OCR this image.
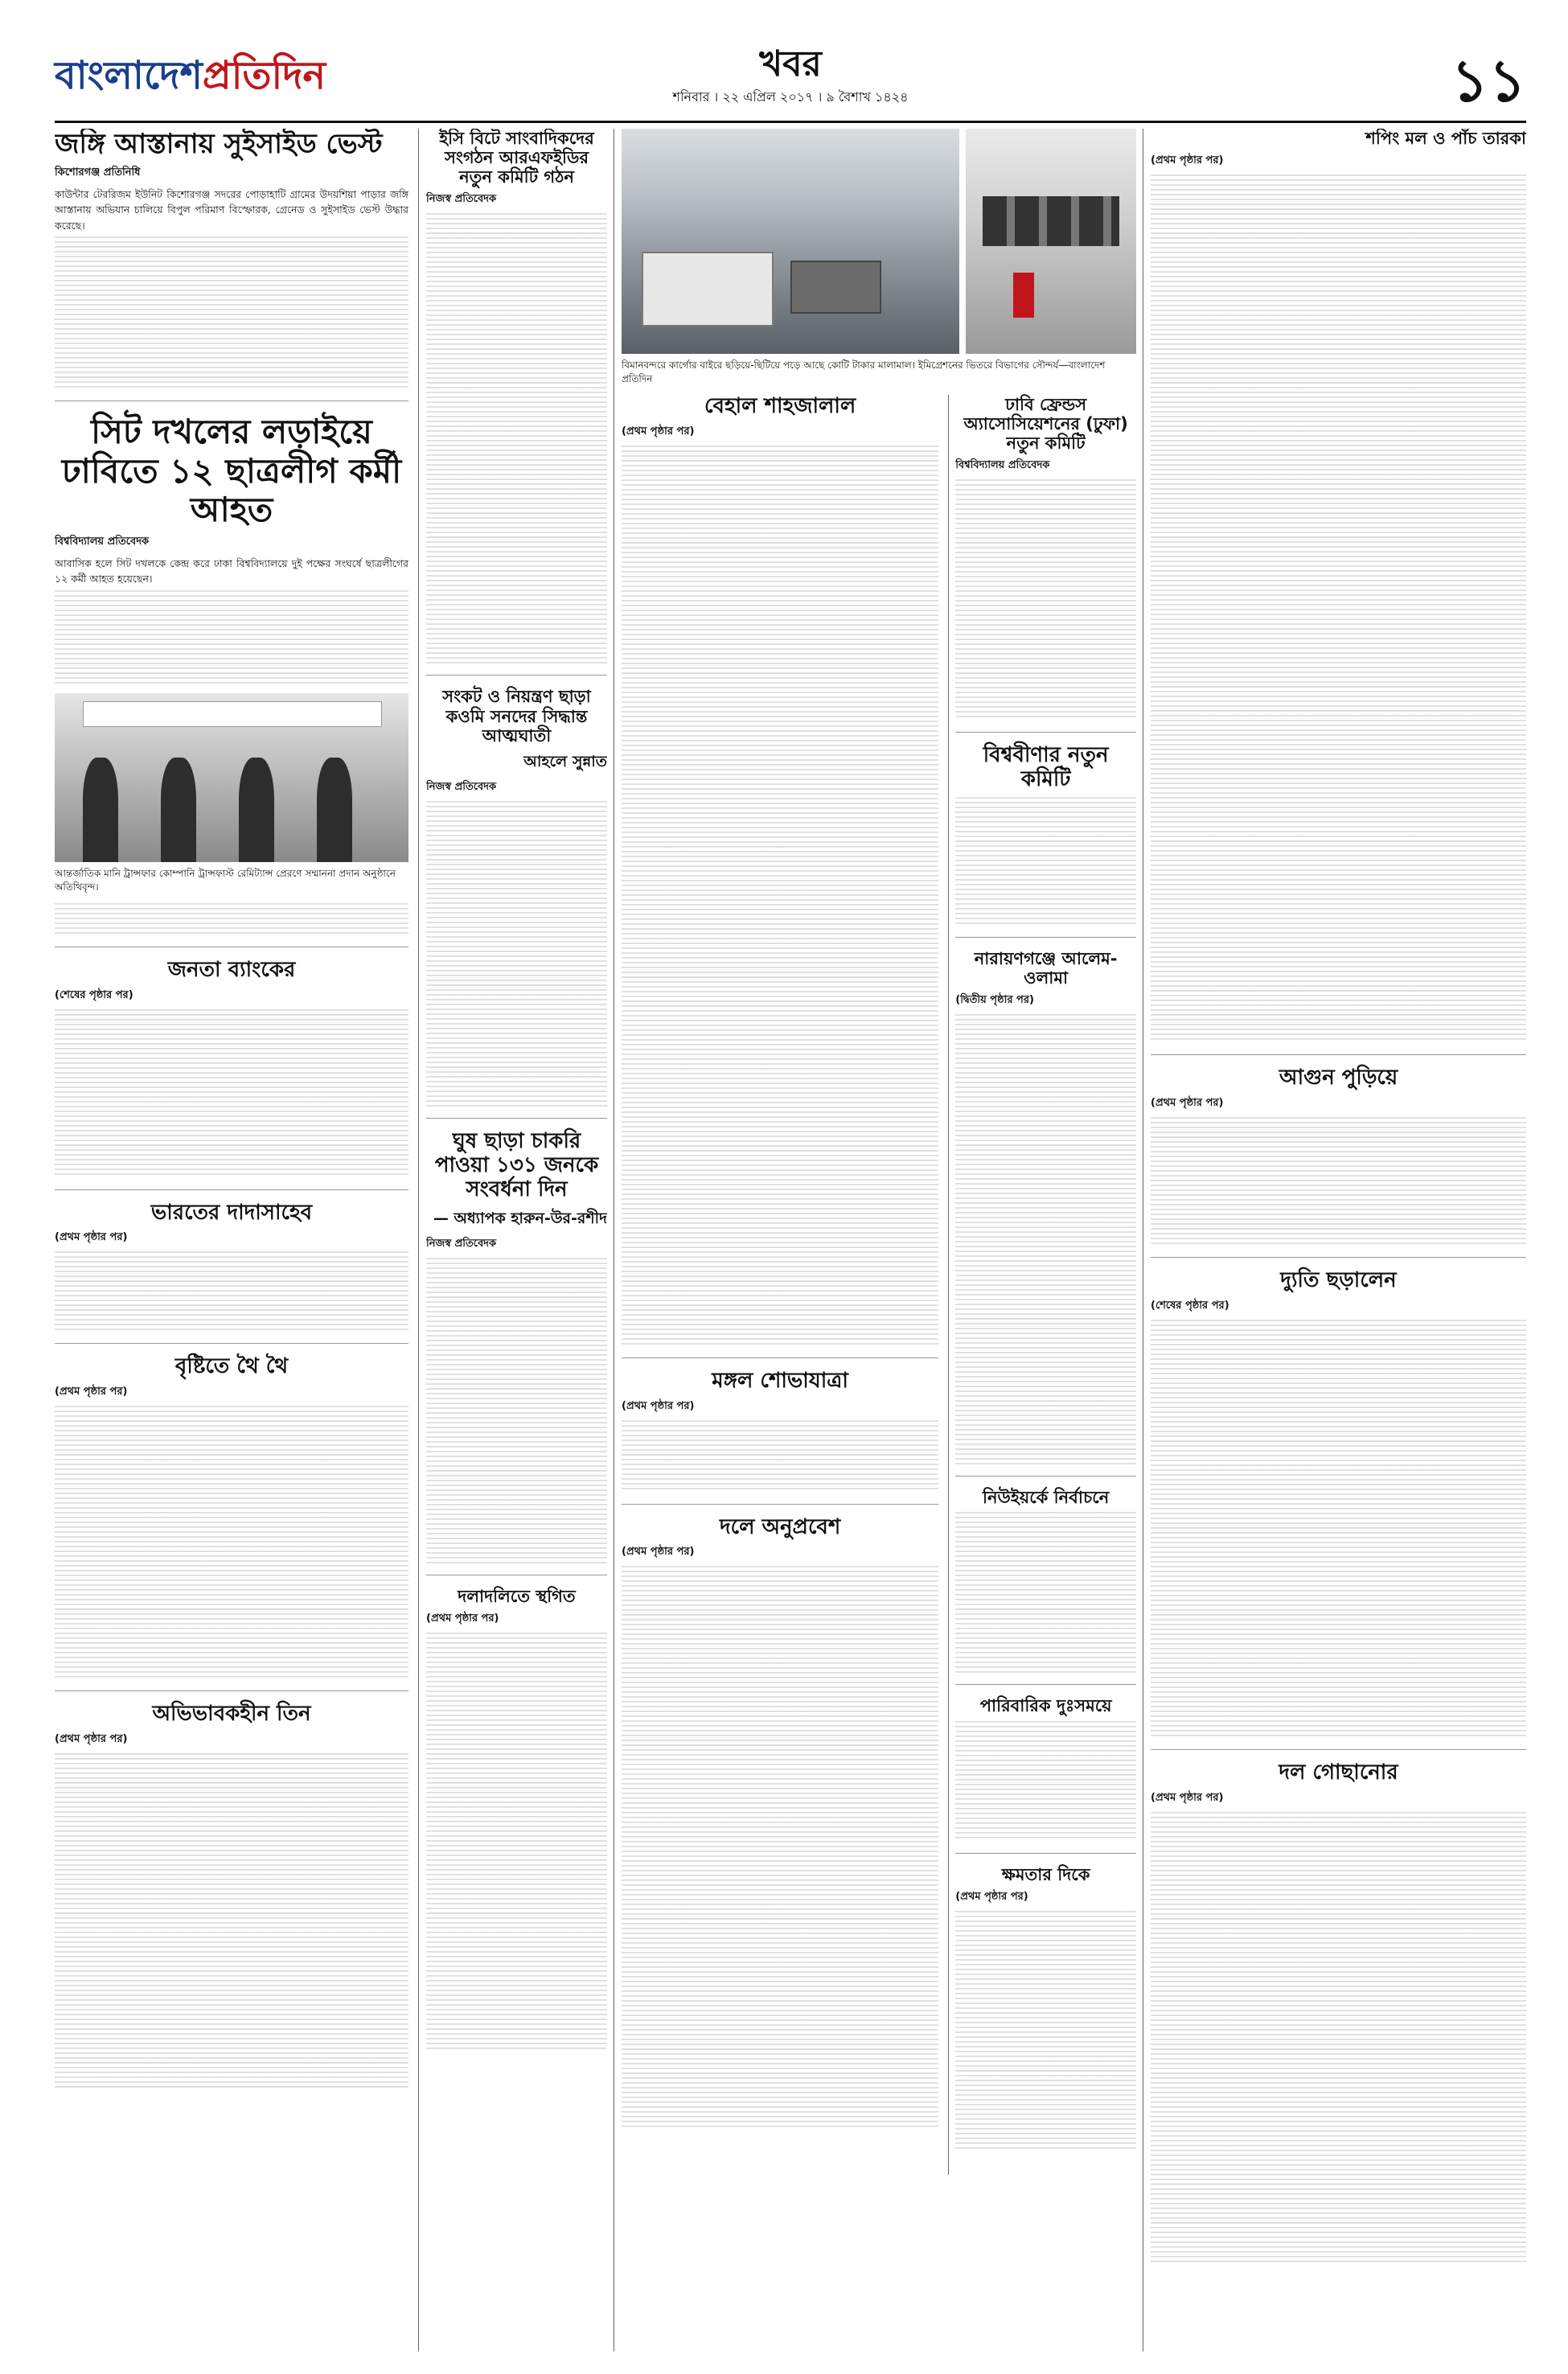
বাংলাদেশপ্রতিদিন	খবর
শনিবার । ২২ এপ্রিল ২০১৭ । ৯ বৈশাখ ১৪২৪	১১
জঙ্গি আস্তানায় সুইসাইড ভেস্ট
কিশোরগঞ্জ প্রতিনিধি
কাউন্টার টেররিজম ইউনিট কিশোরগঞ্জ সদরের পোড়াহাটি গ্রামের উদয়শিয়া পাড়ার জঙ্গি আস্তানায় অভিযান চালিয়ে বিপুল পরিমাণ বিস্ফোরক, গ্রেনেড ও সুইসাইড ভেস্ট উদ্ধার করেছে।
সিট দখলের লড়াইয়ে ঢাবিতে ১২ ছাত্রলীগ কর্মী আহত
বিশ্ববিদ্যালয় প্রতিবেদক
আবাসিক হলে সিট দখলকে কেন্দ্র করে ঢাকা বিশ্ববিদ্যালয়ে দুই পক্ষের সংঘর্ষে ছাত্রলীগের ১২ কর্মী আহত হয়েছেন।
আন্তর্জাতিক মানি ট্রান্সফার কোম্পানি ট্রান্সফাস্ট রেমিট্যান্স প্রেরণে সম্মাননা প্রদান অনুষ্ঠানে অতিথিবৃন্দ।
জনতা ব্যাংকের
(শেষের পৃষ্ঠার পর)
ভারতের দাদাসাহেব
(প্রথম পৃষ্ঠার পর)
বৃষ্টিতে থৈ থৈ
(প্রথম পৃষ্ঠার পর)
অভিভাবকহীন তিন
(প্রথম পৃষ্ঠার পর)
ইসি বিটে সাংবাদিকদের সংগঠন আরএফইডির নতুন কমিটি গঠন
নিজস্ব প্রতিবেদক
সংকট ও নিয়ন্ত্রণ ছাড়া কওমি সনদের সিদ্ধান্ত আত্মঘাতী
আহলে সুন্নাত
নিজস্ব প্রতিবেদক
ঘুষ ছাড়া চাকরি পাওয়া ১৩১ জনকে সংবর্ধনা দিন
— অধ্যাপক হারুন-উর-রশীদ
নিজস্ব প্রতিবেদক
দলাদলিতে স্থগিত
(প্রথম পৃষ্ঠার পর)
বিমানবন্দরে কার্গোর বাইরে ছড়িয়ে-ছিটিয়ে পড়ে আছে কোটি টাকার মালামাল। ইমিগ্রেশনের ভিতরে বিভাগের সৌন্দর্য—বাংলাদেশ প্রতিদিন
বেহাল শাহজালাল
(প্রথম পৃষ্ঠার পর)
মঙ্গল শোভাযাত্রা
(প্রথম পৃষ্ঠার পর)
দলে অনুপ্রবেশ
(প্রথম পৃষ্ঠার পর)
ঢাবি ফ্রেন্ডস অ্যাসোসিয়েশনের (ঢুফা) নতুন কমিটি
বিশ্ববিদ্যালয় প্রতিবেদক
বিশ্ববীণার নতুন কমিটি
নারায়ণগঞ্জে আলেম-ওলামা
(দ্বিতীয় পৃষ্ঠার পর)
নিউইয়র্কে নির্বাচনে
পারিবারিক দুঃসময়ে
ক্ষমতার দিকে
(প্রথম পৃষ্ঠার পর)
শপিং মল ও পাঁচ তারকা
(প্রথম পৃষ্ঠার পর)
আগুন পুড়িয়ে
(প্রথম পৃষ্ঠার পর)
দ্যুতি ছড়ালেন
(শেষের পৃষ্ঠার পর)
দল গোছানোর
(প্রথম পৃষ্ঠার পর)
